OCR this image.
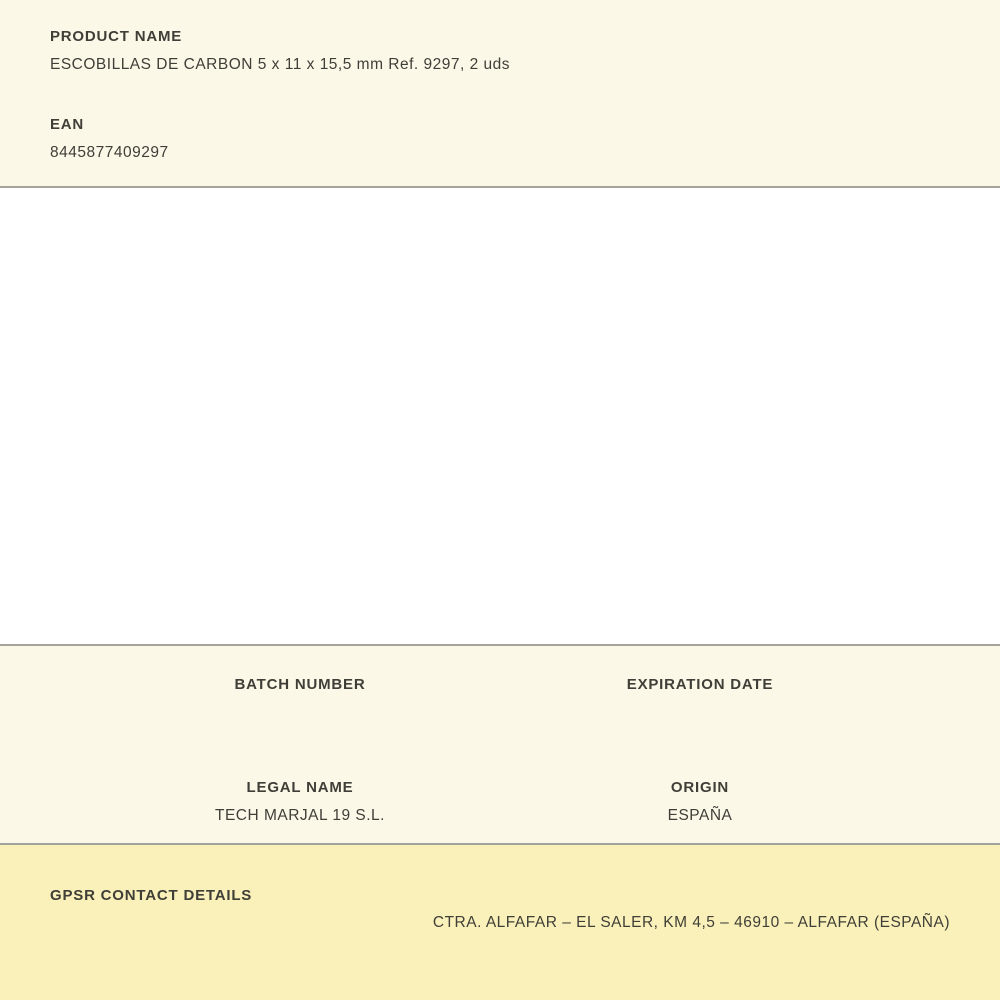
PRODUCT NAME
ESCOBILLAS DE CARBON 5 x 11 x 15,5 mm Ref. 9297, 2 uds
EAN
8445877409297
BATCH NUMBER	EXPIRATION DATE
LEGAL NAME
TECH MARJAL 19 S.L.
ORIGIN
ESPAÑA
GPSR CONTACT DETAILS
CTRA. ALFAFAR – EL SALER, KM 4,5 – 46910 – ALFAFAR (ESPAÑA)
